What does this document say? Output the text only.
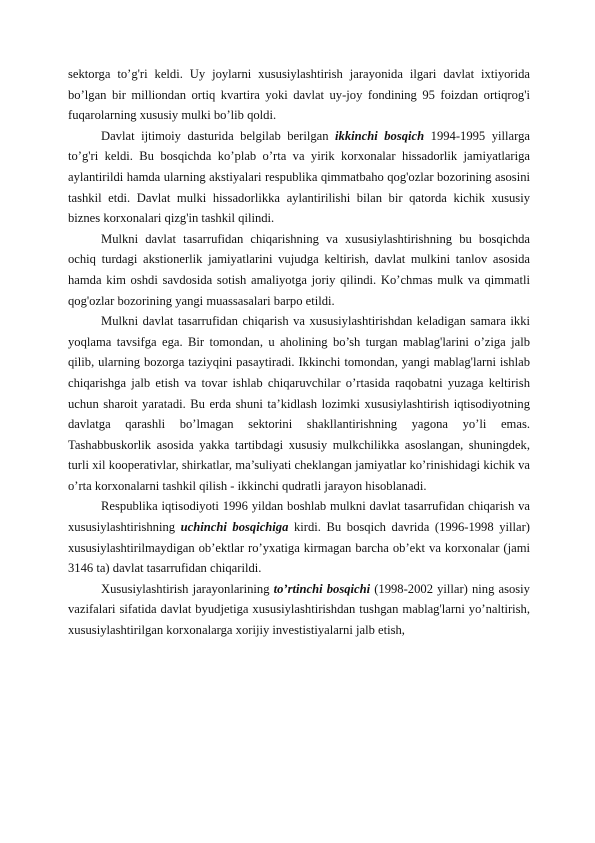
sektorga to’g'ri keldi. Uy joylarni xususiylashtirish jarayonida ilgari davlat ixtiyorida bo’lgan bir milliondan ortiq kvartira yoki davlat uy-joy fondining 95 foizdan ortiqrog'i fuqarolarning xususiy mulki bo’lib qoldi.

Davlat ijtimoiy dasturida belgilab berilgan ikkinchi bosqich 1994-1995 yillarga to’g'ri keldi. Bu bosqichda ko’plab o’rta va yirik korxonalar hissadorlik jamiyatlariga aylantirildi hamda ularning akstiyalari respublika qimmatbaho qog'ozlar bozorining asosini tashkil etdi. Davlat mulki hissadorlikka aylantirilishi bilan bir qatorda kichik xususiy biznes korxonalari qizg'in tashkil qilindi.

Mulkni davlat tasarrufidan chiqarishning va xususiylashtirishning bu bosqichda ochiq turdagi akstionerlik jamiyatlarini vujudga keltirish, davlat mulkini tanlov asosida hamda kim oshdi savdosida sotish amaliyotga joriy qilindi. Ko’chmas mulk va qimmatli qog'ozlar bozorining yangi muassasalari barpo etildi.

Mulkni davlat tasarrufidan chiqarish va xususiylashtirishdan keladigan samara ikki yoqlama tavsifga ega. Bir tomondan, u aholining bo’sh turgan mablag'larini o’ziga jalb qilib, ularning bozorga taziyqini pasaytiradi. Ikkinchi tomondan, yangi mablag'larni ishlab chiqarishga jalb etish va tovar ishlab chiqaruvchilar o’rtasida raqobatni yuzaga keltirish uchun sharoit yaratadi. Bu erda shuni ta’kidlash lozimki xususiylashtirish iqtisodiyotning davlatga qarashli bo’lmagan sektorini shakllantirishning yagona yo’li emas. Tashabbuskorlik asosida yakka tartibdagi xususiy mulkchilikka asoslangan, shuningdek, turli xil kooperativlar, shirkatlar, ma’suliyati cheklangan jamiyatlar ko’rinishidagi kichik va o’rta korxonalarni tashkil qilish - ikkinchi qudratli jarayon hisoblanadi.

Respublika iqtisodiyoti 1996 yildan boshlab mulkni davlat tasarrufidan chiqarish va xususiylashtirishning uchinchi bosqichiga kirdi. Bu bosqich davrida (1996-1998 yillar) xususiylashtirilmaydigan ob’ektlar ro’yxatiga kirmagan barcha ob’ekt va korxonalar (jami 3146 ta) davlat tasarrufidan chiqarildi.

Xususiylashtirish jarayonlarining to’rtinchi bosqichi (1998-2002 yillar) ning asosiy vazifalari sifatida davlat byudjetiga xususiylashtirishdan tushgan mablag'larni yo’naltirish, xususiylashtirilgan korxonalarga xorijiy investistiyalarni jalb etish,
